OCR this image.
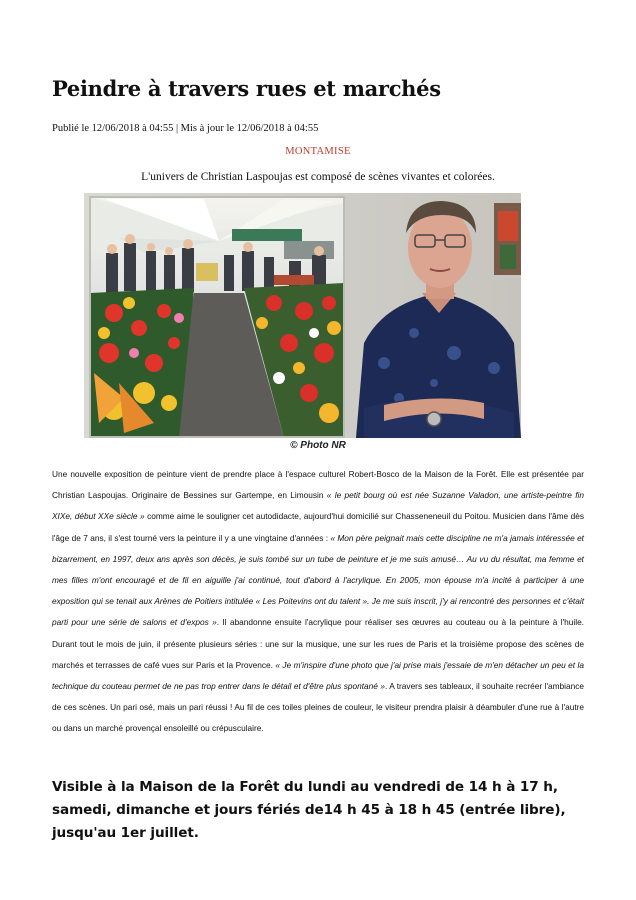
Peindre à travers rues et marchés
Publié le 12/06/2018 à 04:55 | Mis à jour le 12/06/2018 à 04:55
MONTAMISE
L'univers de Christian Laspoujas est composé de scènes vivantes et colorées.
© Photo NR

Une nouvelle exposition de peinture vient de prendre place à l'espace culturel Robert-Bosco de la Maison de la Forêt. Elle est présentée par Christian Laspoujas. Originaire de Bessines sur Gartempe, en Limousin « le petit bourg où est née Suzanne Valadon, une artiste-peintre fin XIXe, début XXe siècle » comme aime le souligner cet autodidacte, aujourd'hui domicilié sur Chasseneneuil du Poitou. Musicien dans l'âme dès l'âge de 7 ans, il s'est tourné vers la peinture il y a une vingtaine d'années : « Mon père peignait mais cette discipline ne m'a jamais intéressée et bizarrement, en 1997, deux ans après son décès, je suis tombé sur un tube de peinture et je me suis amusé… Au vu du résultat, ma femme et mes filles m'ont encouragé et de fil en aiguille j'ai continué, tout d'abord à l'acrylique. En 2005, mon épouse m'a incité à participer à une exposition qui se tenait aux Arènes de Poitiers intitulée « Les Poitevins ont du talent ». Je me suis inscrit, j'y ai rencontré des personnes et c'était parti pour une série de salons et d'expos ». Il abandonne ensuite l'acrylique pour réaliser ses œuvres au couteau ou à la peinture à l'huile. Durant tout le mois de juin, il présente plusieurs séries : une sur la musique, une sur les rues de Paris et la troisième propose des scènes de marchés et terrasses de café vues sur Paris et la Provence. « Je m'inspire d'une photo que j'ai prise mais j'essaie de m'en détacher un peu et la technique du couteau permet de ne pas trop entrer dans le détail et d'être plus spontané ». A travers ses tableaux, il souhaite recréer l'ambiance de ces scènes. Un pari osé, mais un pari réussi ! Au fil de ces toiles pleines de couleur, le visiteur prendra plaisir à déambuler d'une rue à l'autre ou dans un marché provençal ensoleillé ou crépusculaire.

Visible à la Maison de la Forêt du lundi au vendredi de 14 h à 17 h, samedi, dimanche et jours fériés de14 h 45 à 18 h 45 (entrée libre), jusqu'au 1er juillet.
